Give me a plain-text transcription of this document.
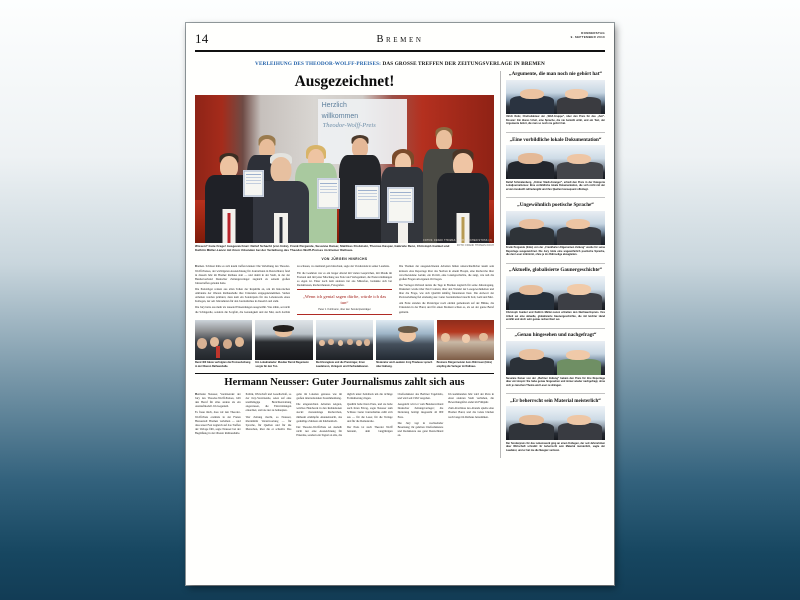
14	Bremen
DONNERSTAG
9. SEPTEMBER 2010
VERLEIHUNG DES THEODOR-WOLFF-PREISES: DAS GROSSE TREFFEN DER ZEITUNGSVERLAGE IN BREMEN
Ausgezeichnet!
Herzlich
willkommen
Theodor-Wolff-Preis
FOTOS: FRANK THOMAS KOCH / JOCHEN STOSS (2)

FOTO: FRANK THOMAS KOCH
Wissen? Gute Frage! Ausgezeichnet: Detlef Schacht (von links), Frank Pergande, Susanne Kaiser, Matthias Drobinski, Thomas Kaspar, Gabriele Renz, Christoph Gunkel und Kathrin Müller-Lancé mit ihren Urkunden bei der Verleihung des Theodor-Wolff-Preises im Bremer Rathaus.

VON JÜRGEN HINRICHS

Bremen. Schöner hätte es sich kaum treffen können: Die Verleihung des Theodor-Wolff-Preises, der wichtigsten Auszeichnung für Journalisten in Deutschland, fand in diesem Jahr im Bremer Rathaus statt — und damit in der Stadt, in der der Bundesverband Deutscher Zeitungsverleger zugleich zu seinem großen Jahrestreffen geladen hatte.

Die Preisträger reisten aus allen Teilen der Republik an, um im historischen Ambiente der Oberen Rathaushalle ihre Urkunden entgegenzunehmen. Sieben Arbeiten wurden prämiert, dazu kam ein Sonderpreis für das Lebenswerk eines Kollegen, der seit Jahrzehnten für den Journalismus in diesem Land steht.

Die Jury hatte aus mehr als tausend Einsendungen ausgewählt. Was zähle, sei nicht die Schlagzeile, sondern die Sorgfalt, die Genauigkeit und der Mut, auch dorthin zu schauen, wo niemand gern hinschaut, sagte der Vorsitzende in seiner Laudatio.

Für die Geehrten war es ein langer Abend mit vielen Gesprächen, mit Musik im Festsaal und mit jener Mischung aus Stolz und Verlegenheit, die Preisverleihungen so eigen ist. Einer nach dem anderen trat ans Mikrofon, bedankte sich bei Redaktionen, Rechercheuren, Fotografen.

„Wenn ich genial sagen dürfte, würde ich das tun“
Peter J. Kuhlmann, über den Sonderpreisträger

Die Themen der ausgezeichneten Arbeiten hätten unterschiedlicher kaum sein können: eine Reportage über das Sterben in einem Hospiz, eine Recherche über verschwundene Gelder, ein Porträt, eine Lokalgeschichte, die zeigt, wie nah die großen Fragen am eigenen Ort liegen.

Der Verleger-Verband nutzte die Tage in Bremen zugleich für seine Jahrestagung. Diskutiert wurde über Paid Content, über den Wandel der Lesegewohnheiten und über die Frage, wie sich Qualität künftig finanzieren lässt. Die Antwort der Preisverleihung fiel eindeutig aus: Guter Journalismus braucht Zeit, Geld und Mut.

Am Ende standen die Preisträger noch einmal gemeinsam auf der Bühne, die Urkunden in der Hand, und für einen Moment schien es, als sei der ganze Beruf gemeint.

Rund 400 Gäste verfolgten die Preisverleihung in der Oberen Rathaushalle.
Ein Lokalmatador: Musiker Bernd Begemann sorgte für den Ton.
Die Ehrengäste und die Preisträger, ihren Laudatoren, Verlegern und Chefredakteuren.
Moderator und Laudator Jörg Thadeusz sprach über Haltung.
Bremens Bürgermeister Jens Böhrnsen (links) empfing die Verleger im Rathaus.
Hermann Neusser: Guter Journalismus zahlt sich aus

Hermann Neusser, Vorsitzender der Jury des Theodor-Wolff-Preises, hält den Beruf für alles andere als ein Auslaufmodell. Im Gegenteil.

Es freue mich, dass wir den Theodor-Wolff-Preis erstmals in der Freien Hansestadt Bremen verleihen — und dass unser Fest zugleich auf das Treffen der Verlage fällt, sagte Neusser bei der Begrüßung in der Oberen Rathaushalle.

Politik, Wirtschaft und Gesellschaft, so der Jury-Vorsitzende, seien auf eine unabhängige Berichterstattung angewiesen, die Entwicklungen einordnet, statt sie nur zu behaupten.

Wer Zeitung macht, so Neusser, übernimmt Verantwortung — für Sprache, für Quellen und für die Menschen, über die er schreibt. Das gelte im Lokalen genauso wie im großen internationalen Zusammenhang.

Die eingereichten Arbeiten zeigten, welches Handwerk in den Redaktionen steckt: monatelange Recherchen, mühsam erkämpfte Akteneinsicht, das geduldige Zuhören am Küchentisch.

Der Theodor-Wolff-Preis sei deshalb nicht nur eine Auszeichnung für Einzelne, sondern ein Signal an alle, die täglich unter Zeitdruck um die richtige Formulierung ringen.

Qualität habe ihren Preis, und sie habe auch ihren Ertrag, sagte Neusser zum Schluss: Guter Journalismus zahlt sich aus — für die Leser, für die Verlage und für die Demokratie.

Der Preis ist nach Theodor Wolff benannt, dem langjährigen Chefredakteur des Berliner Tageblatts, und wird seit 1962 vergeben.

Ausgelobt wird er vom Bundesverband Deutscher Zeitungsverleger; die Dotierung beträgt insgesamt 42 000 Euro.

Die Jury tagt in wechselnder Besetzung; ihr gehören Chefredakteure und Redakteure aus ganz Deutschland an.

Im kommenden Jahr wird der Preis in einer anderen Stadt verliehen, die Bewerbungsfrist endet im Frühjahr.

Zum Abschluss des Abends spielte eine Bremer Band, und die Gäste blieben noch lange im Rathaus beisammen.

„Argumente, die man noch nie gehört hat“
Ulrich Reitz, Chefredakteur der „WAZ-Gruppe“, über den Preis für das „Zeit“-Dossier: Ein klares Urteil, eine Sprache, die nie bemüht wirkt, und ein Text, der Argumente liefert, die man so noch nie gehört hat.
„Eine vorbildliche lokale Dokumentation“
Detlef Schmalenberg, „Kölner Stadt-Anzeiger“, erhielt den Preis in der Kategorie Lokaljournalismus: Eine vorbildliche lokale Dokumentation, die sich nicht mit der ersten Auskunft zufriedengibt und ihre Quellen konsequent offenlegt.
„Ungewöhnlich poetische Sprache“
Frank Pergande (links) von der „Frankfurter Allgemeinen Zeitung“ wurde für seine Reportage ausgezeichnet. Die Jury lobte eine ungewöhnlich poetische Sprache, die den Leser mitnimmt, ohne je ins Rührselige abzugleiten.
„Aktuelle, globalisierte Gaunergeschichte“
Christoph Gunkel und Kathrin Müller-Lancé erhielten den Nachwuchspreis. Ihre Arbeit sei eine aktuelle, globalisierte Gaunergeschichte, die mit leichter Hand erzählt und doch sehr genau recherchiert sei.
„Genau hingesehen und nachgefragt“
Susanne Kaiser von der „Berliner Zeitung“ bekam den Preis für ihre Reportage über ein Hospiz: Sie habe genau hingesehen und immer wieder nachgefragt, ohne sich je zwischen Thema und Leser zu drängen.
„Er beherrscht sein Material meisterlich“
Der Sonderpreis für das Lebenswerk ging an einen Kollegen, der seit Jahrzehnten über Wirtschaft schreibt: Er beherrscht sein Material meisterlich, sagte der Laudator, und er hat nie die Neugier verloren.
